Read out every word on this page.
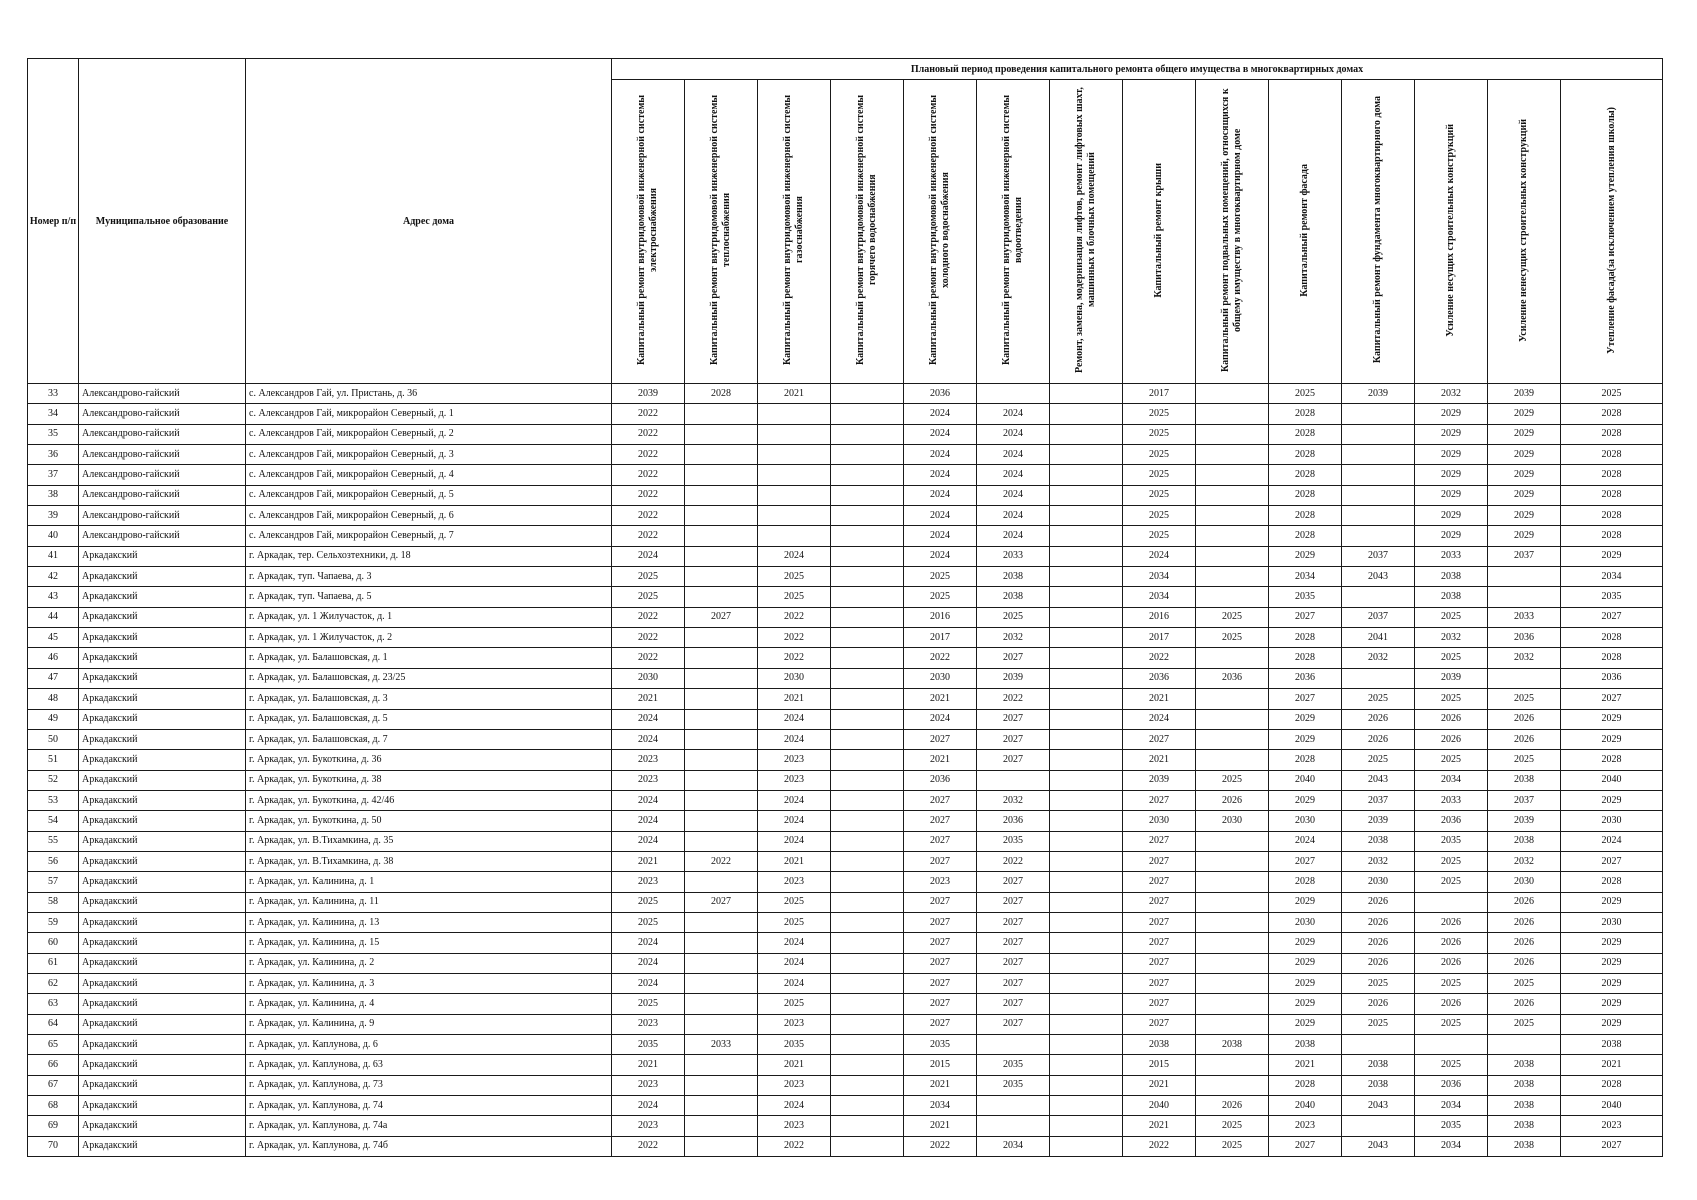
Номер п/п	Муниципальное образование	Адрес дома	Плановый период проведения капитального ремонта общего имущества в многоквартирных домах													
			Капитальный ремонт внутридомовой инженерной системы электроснабжения	Капитальный ремонт внутридомовой инженерной системы теплоснабжения	Капитальный ремонт внутридомовой инженерной системы газоснабжения	Капитальный ремонт внутридомовой инженерной системы горячего водоснабжения	Капитальный ремонт внутридомовой инженерной системы холодного водоснабжения	Капитальный ремонт внутридомовой инженерной системы водоотведения	Ремонт, замена, модернизация лифтов, ремонт лифтовых шахт, машинных и блочных помещений	Капитальный ремонт крыши	Капитальный ремонт подвальных помещений, относящихся к общему имуществу в многоквартирном доме	Капитальный ремонт фасада	Капитальный ремонт фундамента многоквартирного дома	Усиление несущих строительных конструкций	Усиление ненесущих строительных конструкций	Утепление фасада(за исключением утепления школы)
33	Александрово-гайский	с. Александров Гай, ул. Пристань, д. 36	2039	2028	2021		2036			2017		2025	2039	2032	2039	2025
34	Александрово-гайский	с. Александров Гай, микрорайон Северный, д. 1	2022				2024	2024		2025		2028		2029	2029	2028
35	Александрово-гайский	с. Александров Гай, микрорайон Северный, д. 2	2022				2024	2024		2025		2028		2029	2029	2028
36	Александрово-гайский	с. Александров Гай, микрорайон Северный, д. 3	2022				2024	2024		2025		2028		2029	2029	2028
37	Александрово-гайский	с. Александров Гай, микрорайон Северный, д. 4	2022				2024	2024		2025		2028		2029	2029	2028
38	Александрово-гайский	с. Александров Гай, микрорайон Северный, д. 5	2022				2024	2024		2025		2028		2029	2029	2028
39	Александрово-гайский	с. Александров Гай, микрорайон Северный, д. 6	2022				2024	2024		2025		2028		2029	2029	2028
40	Александрово-гайский	с. Александров Гай, микрорайон Северный, д. 7	2022				2024	2024		2025		2028		2029	2029	2028
41	Аркадакский	г. Аркадак, тер. Сельхозтехники, д. 18	2024		2024		2024	2033		2024		2029	2037	2033	2037	2029
42	Аркадакский	г. Аркадак, туп. Чапаева, д. 3	2025		2025		2025	2038		2034		2034	2043	2038		2034
43	Аркадакский	г. Аркадак, туп. Чапаева, д. 5	2025		2025		2025	2038		2034		2035		2038		2035
44	Аркадакский	г. Аркадак, ул. 1 Жилучасток, д. 1	2022	2027	2022		2016	2025		2016	2025	2027	2037	2025	2033	2027
45	Аркадакский	г. Аркадак, ул. 1 Жилучасток, д. 2	2022		2022		2017	2032		2017	2025	2028	2041	2032	2036	2028
46	Аркадакский	г. Аркадак, ул. Балашовская, д. 1	2022		2022		2022	2027		2022		2028	2032	2025	2032	2028
47	Аркадакский	г. Аркадак, ул. Балашовская, д. 23/25	2030		2030		2030	2039		2036	2036	2036		2039		2036
48	Аркадакский	г. Аркадак, ул. Балашовская, д. 3	2021		2021		2021	2022		2021		2027	2025	2025	2025	2027
49	Аркадакский	г. Аркадак, ул. Балашовская, д. 5	2024		2024		2024	2027		2024		2029	2026	2026	2026	2029
50	Аркадакский	г. Аркадак, ул. Балашовская, д. 7	2024		2024		2027	2027		2027		2029	2026	2026	2026	2029
51	Аркадакский	г. Аркадак, ул. Букоткина, д. 36	2023		2023		2021	2027		2021		2028	2025	2025	2025	2028
52	Аркадакский	г. Аркадак, ул. Букоткина, д. 38	2023		2023		2036			2039	2025	2040	2043	2034	2038	2040
53	Аркадакский	г. Аркадак, ул. Букоткина, д. 42/46	2024		2024		2027	2032		2027	2026	2029	2037	2033	2037	2029
54	Аркадакский	г. Аркадак, ул. Букоткина, д. 50	2024		2024		2027	2036		2030	2030	2030	2039	2036	2039	2030
55	Аркадакский	г. Аркадак, ул. В.Тихамкина, д. 35	2024		2024		2027	2035		2027		2024	2038	2035	2038	2024
56	Аркадакский	г. Аркадак, ул. В.Тихамкина, д. 38	2021	2022	2021		2027	2022		2027		2027	2032	2025	2032	2027
57	Аркадакский	г. Аркадак, ул. Калинина, д. 1	2023		2023		2023	2027		2027		2028	2030	2025	2030	2028
58	Аркадакский	г. Аркадак, ул. Калинина, д. 11	2025	2027	2025		2027	2027		2027		2029	2026		2026	2029
59	Аркадакский	г. Аркадак, ул. Калинина, д. 13	2025		2025		2027	2027		2027		2030	2026	2026	2026	2030
60	Аркадакский	г. Аркадак, ул. Калинина, д. 15	2024		2024		2027	2027		2027		2029	2026	2026	2026	2029
61	Аркадакский	г. Аркадак, ул. Калинина, д. 2	2024		2024		2027	2027		2027		2029	2026	2026	2026	2029
62	Аркадакский	г. Аркадак, ул. Калинина, д. 3	2024		2024		2027	2027		2027		2029	2025	2025	2025	2029
63	Аркадакский	г. Аркадак, ул. Калинина, д. 4	2025		2025		2027	2027		2027		2029	2026	2026	2026	2029
64	Аркадакский	г. Аркадак, ул. Калинина, д. 9	2023		2023		2027	2027		2027		2029	2025	2025	2025	2029
65	Аркадакский	г. Аркадак, ул. Каплунова, д. 6	2035	2033	2035		2035			2038	2038	2038				2038
66	Аркадакский	г. Аркадак, ул. Каплунова, д. 63	2021		2021		2015	2035		2015		2021	2038	2025	2038	2021
67	Аркадакский	г. Аркадак, ул. Каплунова, д. 73	2023		2023		2021	2035		2021		2028	2038	2036	2038	2028
68	Аркадакский	г. Аркадак, ул. Каплунова, д. 74	2024		2024		2034			2040	2026	2040	2043	2034	2038	2040
69	Аркадакский	г. Аркадак, ул. Каплунова, д. 74а	2023		2023		2021			2021	2025	2023		2035	2038	2023
70	Аркадакский	г. Аркадак, ул. Каплунова, д. 74б	2022		2022		2022	2034		2022	2025	2027	2043	2034	2038	2027
